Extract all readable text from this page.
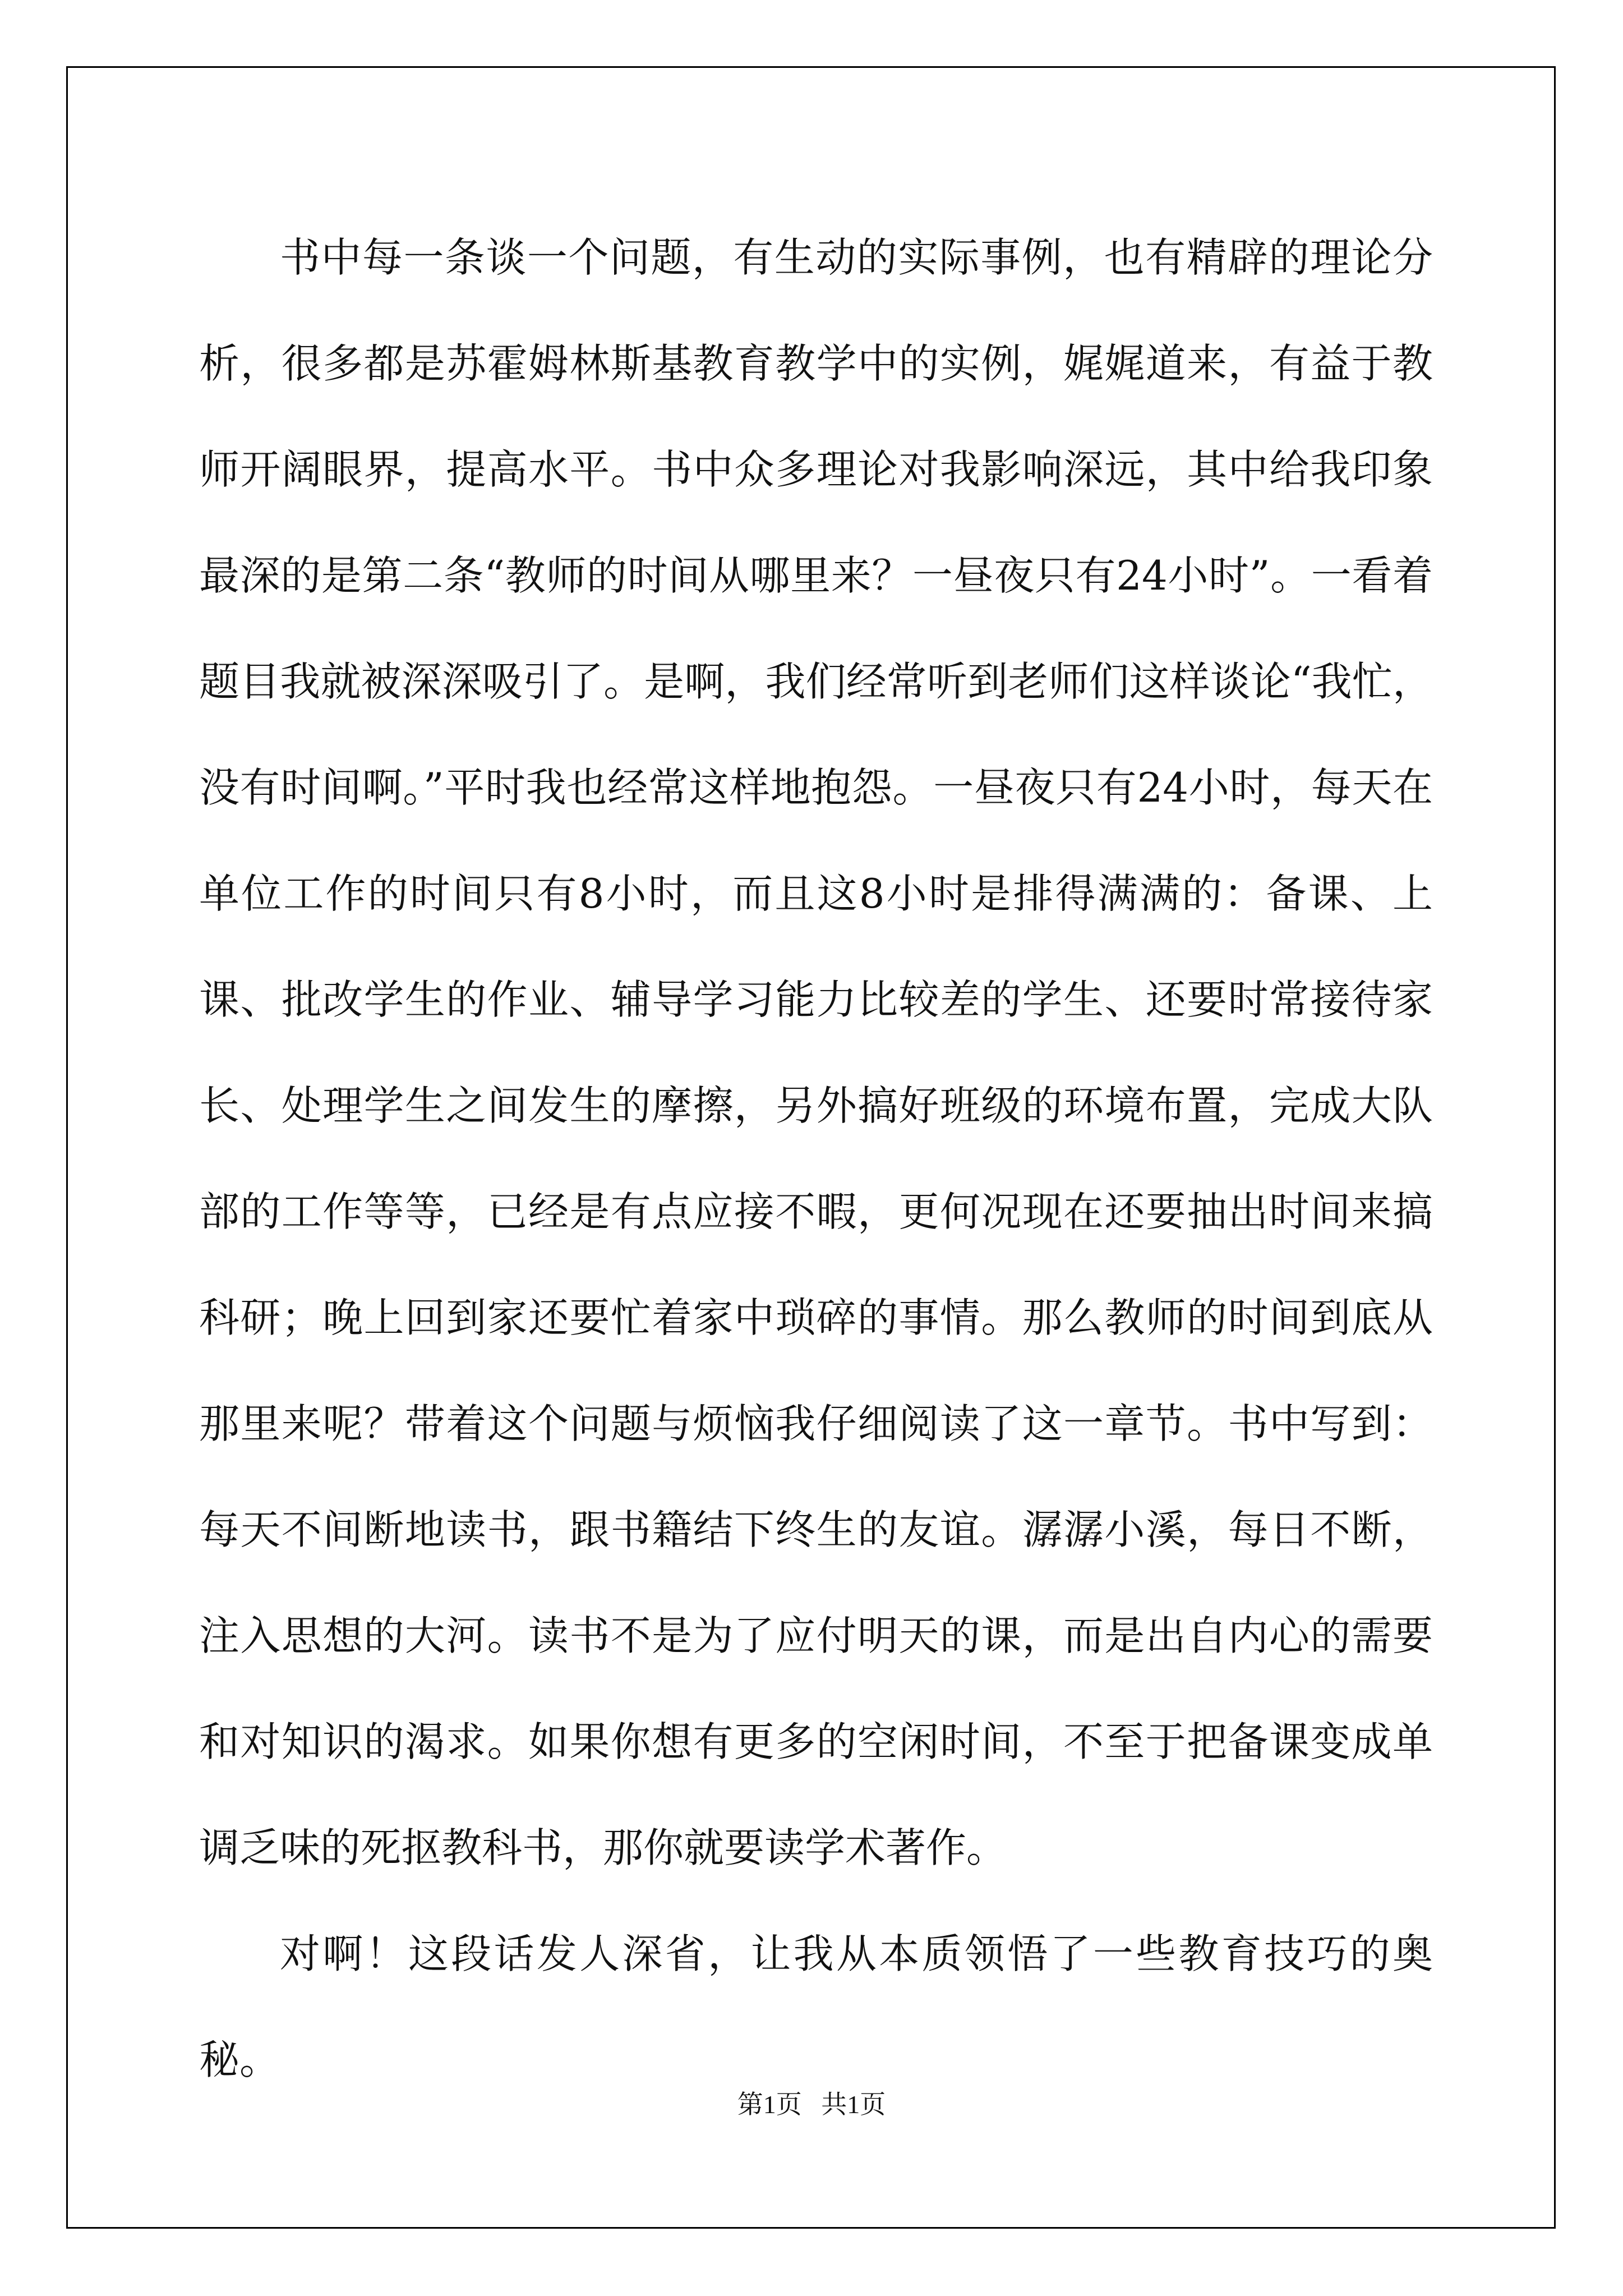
书中每一条谈一个问题，有生动的实际事例，也有精辟的理论分析，很多都是苏霍姆林斯基教育教学中的实例，娓娓道来，有益于教师开阔眼界，提高水平。书中众多理论对我影响深远，其中给我印象最深的是第二条“教师的时间从哪里来？一昼夜只有24小时”。一看着题目我就被深深吸引了。是啊，我们经常听到老师们这样谈论“我忙，没有时间啊。”平时我也经常这样地抱怨。一昼夜只有24小时，每天在单位工作的时间只有8小时，而且这8小时是排得满满的：备课、上课、批改学生的作业、辅导学习能力比较差的学生、还要时常接待家长、处理学生之间发生的摩擦，另外搞好班级的环境布置，完成大队部的工作等等，已经是有点应接不暇，更何况现在还要抽出时间来搞科研；晚上回到家还要忙着家中琐碎的事情。那么教师的时间到底从那里来呢？带着这个问题与烦恼我仔细阅读了这一章节。书中写到：每天不间断地读书，跟书籍结下终生的友谊。潺潺小溪，每日不断，注入思想的大河。读书不是为了应付明天的课，而是出自内心的需要和对知识的渴求。如果你想有更多的空闲时间，不至于把备课变成单调乏味的死抠教科书，那你就要读学术著作。

对啊！这段话发人深省，让我从本质领悟了一些教育技巧的奥秘。

第1页 共1页
